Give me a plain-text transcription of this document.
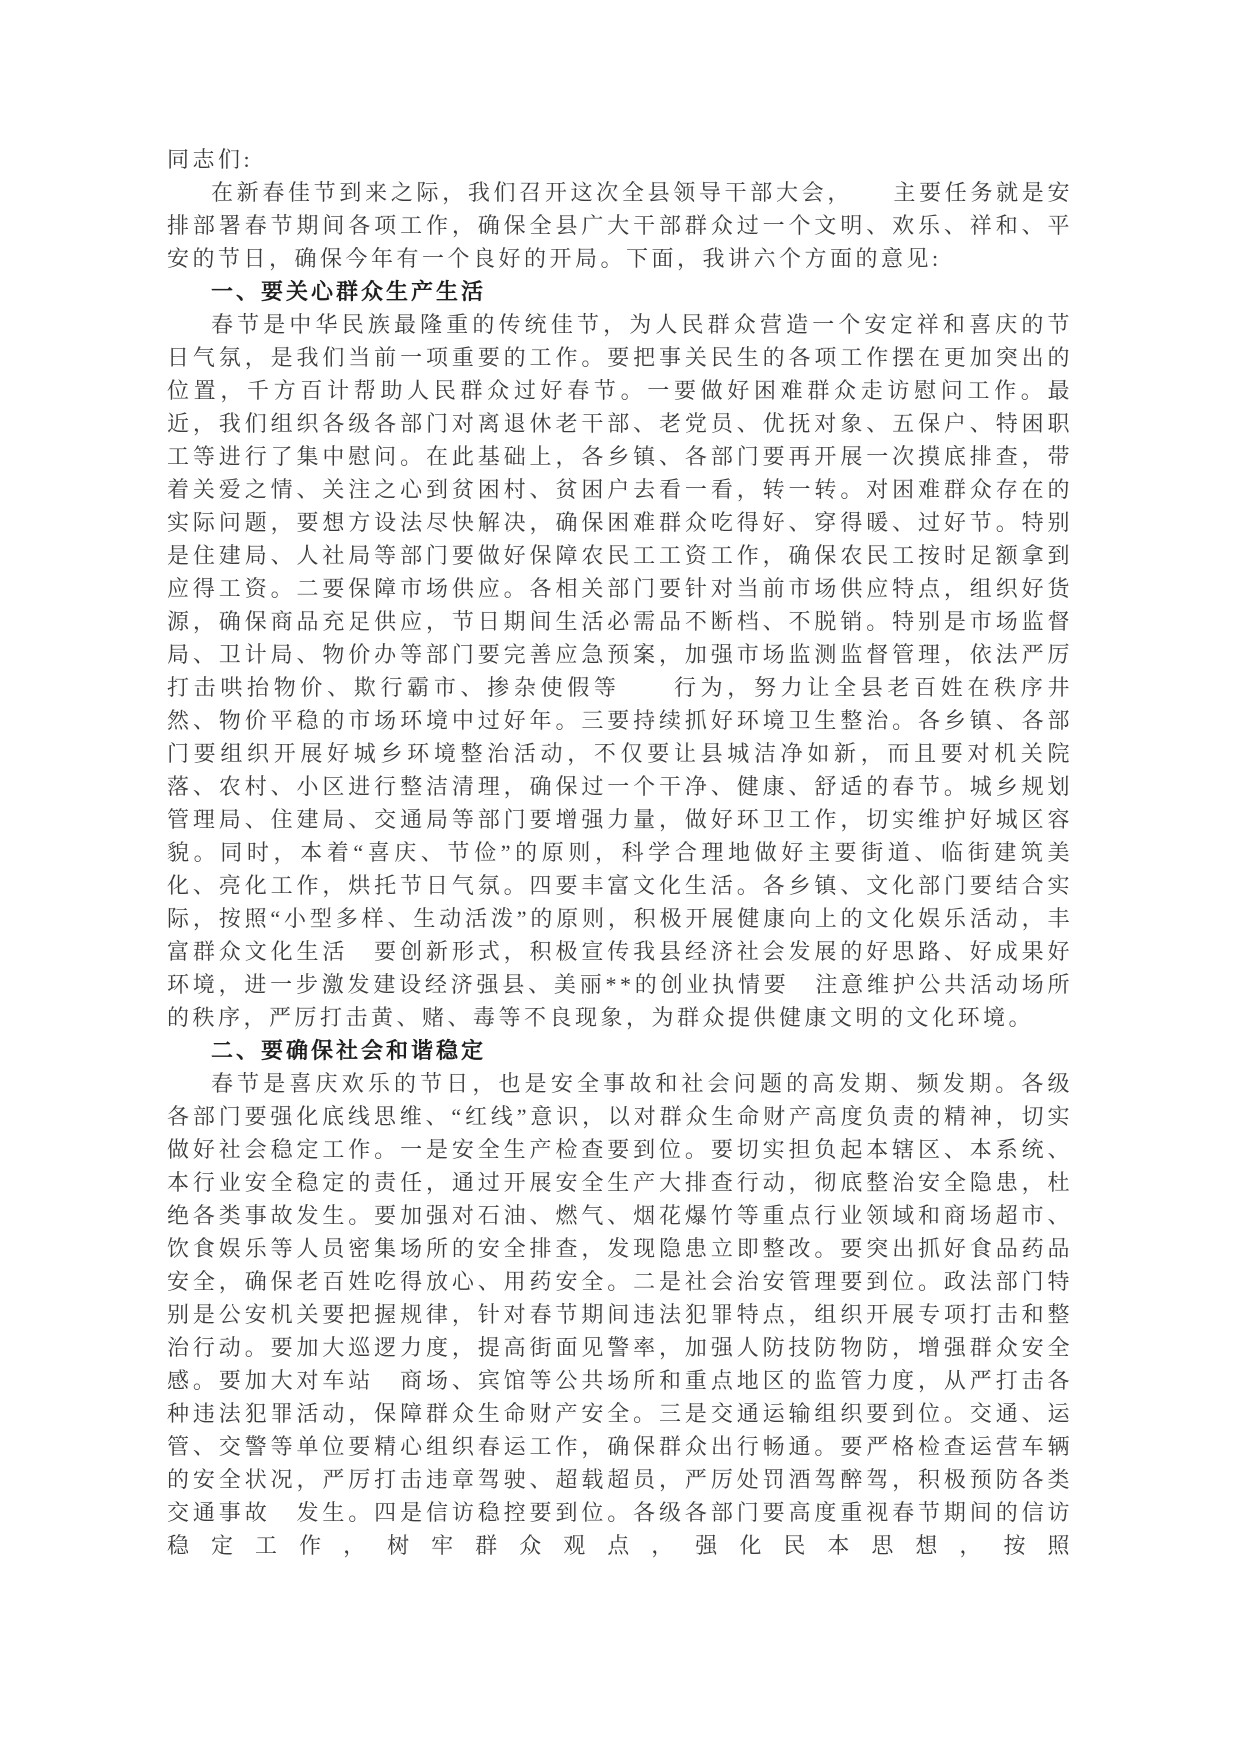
同志们:

在新春佳节到来之际，我们召开这次全县领导干部大会，　　主要任务就是安排部署春节期间各项工作，确保全县广大干部群众过一个文明、欢乐、祥和、平安的节日，确保今年有一个良好的开局。下面，我讲六个方面的意见:

一、要关心群众生产生活

春节是中华民族最隆重的传统佳节，为人民群众营造一个安定祥和喜庆的节日气氛，是我们当前一项重要的工作。要把事关民生的各项工作摆在更加突出的位置，千方百计帮助人民群众过好春节。一要做好困难群众走访慰问工作。最近，我们组织各级各部门对离退休老干部、老党员、优抚对象、五保户、特困职工等进行了集中慰问。在此基础上，各乡镇、各部门要再开展一次摸底排查，带着关爱之情、关注之心到贫困村、贫困户去看一看，转一转。对困难群众存在的实际问题，要想方设法尽快解决，确保困难群众吃得好、穿得暖、过好节。特别是住建局、人社局等部门要做好保障农民工工资工作，确保农民工按时足额拿到应得工资。二要保障市场供应。各相关部门要针对当前市场供应特点，组织好货源，确保商品充足供应，节日期间生活必需品不断档、不脱销。特别是市场监督局、卫计局、物价办等部门要完善应急预案，加强市场监测监督管理，依法严厉打击哄抬物价、欺行霸市、掺杂使假等　　行为，努力让全县老百姓在秩序井然、物价平稳的市场环境中过好年。三要持续抓好环境卫生整治。各乡镇、各部门要组织开展好城乡环境整治活动，不仅要让县城洁净如新，而且要对机关院落、农村、小区进行整洁清理，确保过一个干净、健康、舒适的春节。城乡规划管理局、住建局、交通局等部门要增强力量，做好环卫工作，切实维护好城区容貌。同时，本着“喜庆、节俭”的原则，科学合理地做好主要街道、临街建筑美化、亮化工作，烘托节日气氛。四要丰富文化生活。各乡镇、文化部门要结合实际，按照“小型多样、生动活泼”的原则，积极开展健康向上的文化娱乐活动，丰富群众文化生活　要创新形式，积极宣传我县经济社会发展的好思路、好成果好环境，进一步激发建设经济强县、美丽**的创业执情要　注意维护公共活动场所的秩序，严厉打击黄、赌、毒等不良现象，为群众提供健康文明的文化环境。

二、要确保社会和谐稳定

春节是喜庆欢乐的节日，也是安全事故和社会问题的高发期、频发期。各级各部门要强化底线思维、“红线”意识，以对群众生命财产高度负责的精神，切实做好社会稳定工作。一是安全生产检查要到位。要切实担负起本辖区、本系统、本行业安全稳定的责任，通过开展安全生产大排查行动，彻底整治安全隐患，杜绝各类事故发生。要加强对石油、燃气、烟花爆竹等重点行业领域和商场超市、饮食娱乐等人员密集场所的安全排查，发现隐患立即整改。要突出抓好食品药品安全，确保老百姓吃得放心、用药安全。二是社会治安管理要到位。政法部门特别是公安机关要把握规律，针对春节期间违法犯罪特点，组织开展专项打击和整治行动。要加大巡逻力度，提高街面见警率，加强人防技防物防，增强群众安全感。要加大对车站　商场、宾馆等公共场所和重点地区的监管力度，从严打击各种违法犯罪活动，保障群众生命财产安全。三是交通运输组织要到位。交通、运管、交警等单位要精心组织春运工作，确保群众出行畅通。要严格检查运营车辆的安全状况，严厉打击违章驾驶、超载超员，严厉处罚酒驾醉驾，积极预防各类交通事故　发生。四是信访稳控要到位。各级各部门要高度重视春节期间的信访稳定工作，树牢群众观点，强化民本思想，按照
